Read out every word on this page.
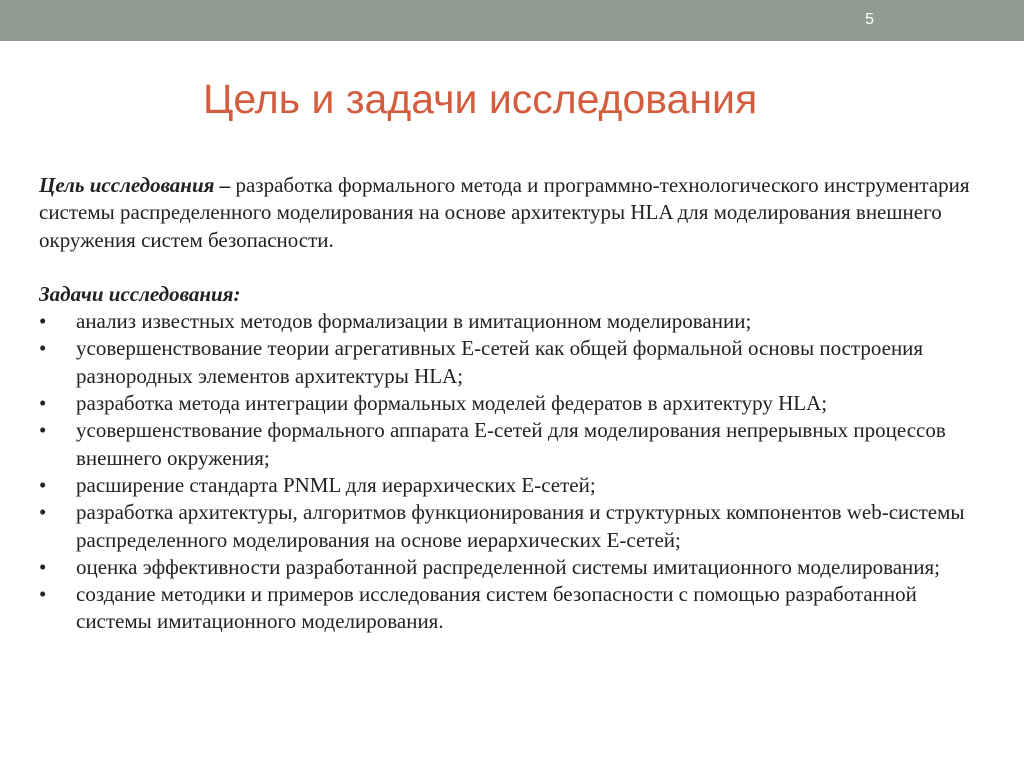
5
Цель и задачи исследования

Цель исследования – разработка формального метода и программно-технологического инструментария системы распределенного моделирования на основе архитектуры HLA для моделирования внешнего окружения систем безопасности.

Задачи исследования:

• анализ известных методов формализации в имитационном моделировании;
• усовершенствование теории агрегативных Е-сетей как общей формальной основы построения разнородных элементов архитектуры HLA;
• разработка метода интеграции формальных моделей федератов в архитектуру HLA;
• усовершенствование формального аппарата Е-сетей для моделирования непрерывных процессов внешнего окружения;
• расширение стандарта PNML для иерархических Е-сетей;
• разработка архитектуры, алгоритмов функционирования и структурных компонентов web-системы распределенного моделирования на основе иерархических Е-сетей;
• оценка эффективности разработанной распределенной системы имитационного моделирования;
• создание методики и примеров исследования систем безопасности с помощью разработанной системы имитационного моделирования.
